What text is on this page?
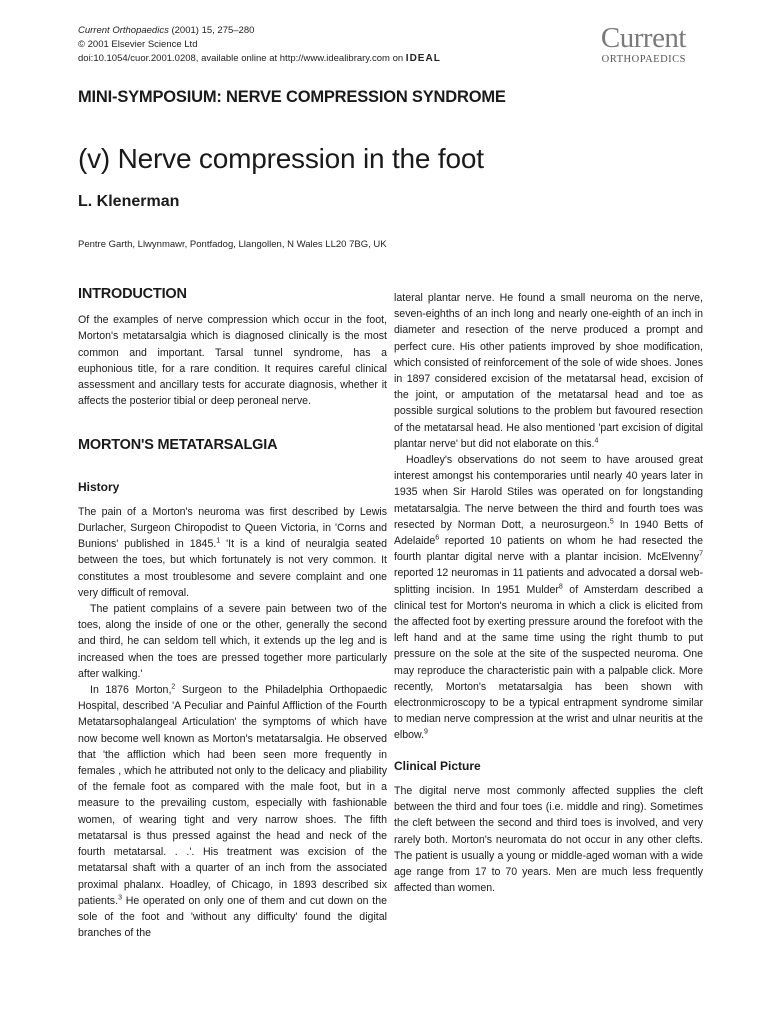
Current Orthopaedics (2001) 15, 275–280
© 2001 Elsevier Science Ltd
doi:10.1054/cuor.2001.0208, available online at http://www.idealibrary.com on IDEAL
Current
ORTHOPAEDICS
MINI-SYMPOSIUM: NERVE COMPRESSION SYNDROME
(v) Nerve compression in the foot
L. Klenerman
Pentre Garth, Llwynmawr, Pontfadog, Llangollen, N Wales LL20 7BG, UK
INTRODUCTION

Of the examples of nerve compression which occur in the foot, Morton's metatarsalgia which is diagnosed clinically is the most common and important. Tarsal tunnel syndrome, has a euphonious title, for a rare condition. It requires careful clinical assessment and ancillary tests for accurate diagnosis, whether it affects the posterior tibial or deep peroneal nerve.

MORTON'S METATARSALGIA
History

The pain of a Morton's neuroma was first described by Lewis Durlacher, Surgeon Chiropodist to Queen Victoria, in 'Corns and Bunions' published in 1845.$^1$ 'It is a kind of neuralgia seated between the toes, but which fortunately is not very common. It constitutes a most troublesome and severe complaint and one very difficult of removal.

The patient complains of a severe pain between two of the toes, along the inside of one or the other, generally the second and third, he can seldom tell which, it extends up the leg and is increased when the toes are pressed together more particularly after walking.'

In 1876 Morton,$^2$ Surgeon to the Philadelphia Orthopaedic Hospital, described 'A Peculiar and Painful Affliction of the Fourth Metatarsophalangeal Articulation' the symptoms of which have now become well known as Morton's metatarsalgia. He observed that 'the affliction which had been seen more frequently in females , which he attributed not only to the delicacy and pliability of the female foot as compared with the male foot, but in a measure to the prevailing custom, especially with fashionable women, of wearing tight and very narrow shoes. The fifth metatarsal is thus pressed against the head and neck of the fourth metatarsal. . .'. His treatment was excision of the metatarsal shaft with a quarter of an inch from the associated proximal phalanx. Hoadley, of Chicago, in 1893 described six patients.$^3$ He operated on only one of them and cut down on the sole of the foot and 'without any difficulty' found the digital branches of the

lateral plantar nerve. He found a small neuroma on the nerve, seven-eighths of an inch long and nearly one-eighth of an inch in diameter and resection of the nerve produced a prompt and perfect cure. His other patients improved by shoe modification, which consisted of reinforcement of the sole of wide shoes. Jones in 1897 considered excision of the metatarsal head, excision of the joint, or amputation of the metatarsal head and toe as possible surgical solutions to the problem but favoured resection of the metatarsal head. He also mentioned 'part excision of digital plantar nerve' but did not elaborate on this.$^4$

Hoadley's observations do not seem to have aroused great interest amongst his contemporaries until nearly 40 years later in 1935 when Sir Harold Stiles was operated on for longstanding metatarsalgia. The nerve between the third and fourth toes was resected by Norman Dott, a neurosurgeon.$^5$ In 1940 Betts of Adelaide$^6$ reported 10 patients on whom he had resected the fourth plantar digital nerve with a plantar incision. McElvenny$^7$ reported 12 neuromas in 11 patients and advocated a dorsal web-splitting incision. In 1951 Mulder$^8$ of Amsterdam described a clinical test for Morton's neuroma in which a click is elicited from the affected foot by exerting pressure around the forefoot with the left hand and at the same time using the right thumb to put pressure on the sole at the site of the suspected neuroma. One may reproduce the characteristic pain with a palpable click. More recently, Morton's metatarsalgia has been shown with electronmicroscopy to be a typical entrapment syndrome similar to median nerve compression at the wrist and ulnar neuritis at the elbow.$^9$

Clinical Picture

The digital nerve most commonly affected supplies the cleft between the third and four toes (i.e. middle and ring). Sometimes the cleft between the second and third toes is involved, and very rarely both. Morton's neuromata do not occur in any other clefts. The patient is usually a young or middle-aged woman with a wide age range from 17 to 70 years. Men are much less frequently affected than women.
